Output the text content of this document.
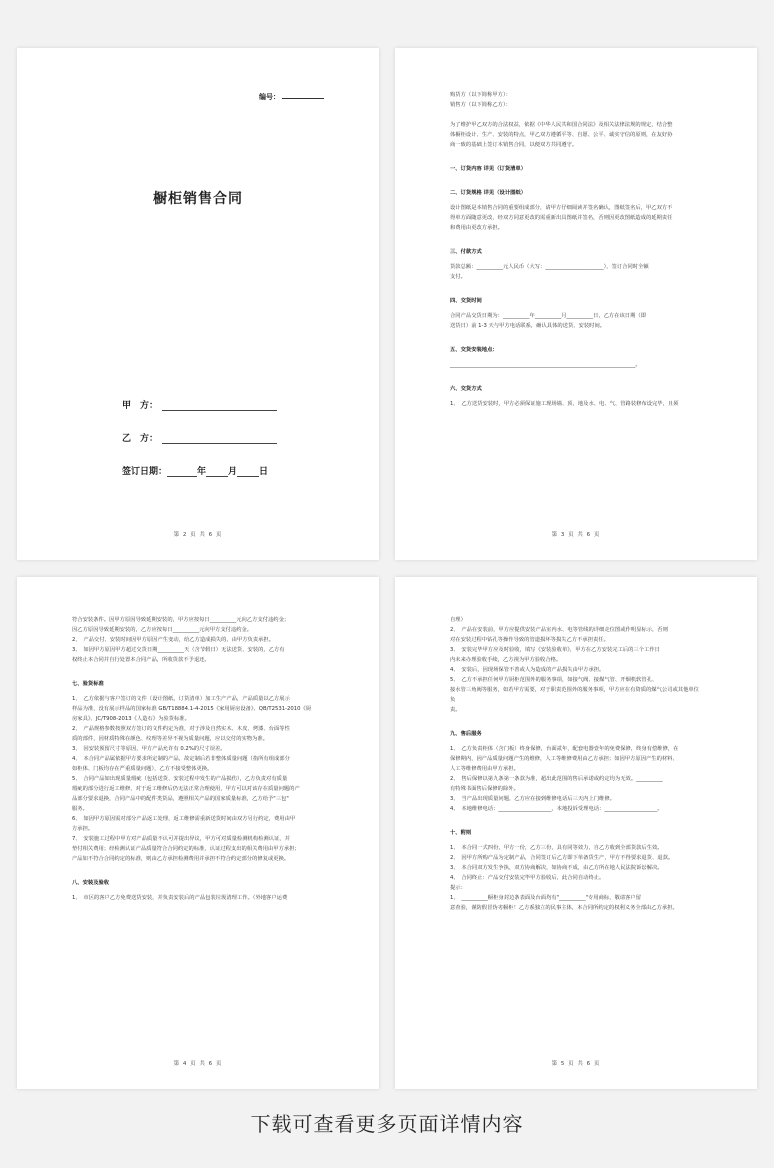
编号：
橱柜销售合同
甲　方：
乙　方：
签订日期：	年 月 日
第 2 页 共 6 页

购货方（以下简称甲方）：

销售方（以下简称乙方）：

为了维护甲乙双方的合法权益，依据《中华人民共和国合同法》及相关法律法规的规定，结合整

体橱柜设计、生产、安装的特点，甲乙双方遵循平等、自愿、公平、诚实守信的原则，在友好协

商一致的基础上签订本销售合同，以便双方共同遵守。

一、订货内容 详见（订货清单）

二、订货规格 详见（设计图纸）

设计图纸是本销售合同的重要组成部分，请甲方仔细阅读并签名确认，图纸签名后，甲乙双方不

得单方面随意更改，经双方同意更改的需重新出具图纸并签名，否则因更改图纸造成的延期责任

和费用由更改方承担。

三、付款方式

货款总额：__________元人民币（大写：______________________），签订合同时全额

支付。

四、交货时间

合同产品交货日期为：__________年__________月__________日，乙方在该日期（即

送货日）前 1-3 天与甲方电话联系，确认具体的送货、安装时间。

五、交货安装地点：

______________________________________________________________________。

六、交货方式

1、　乙方送货安装时，甲方必须保证施工现场墙、顶、地及水、电、气、管路装修布设完毕，且须

第 3 页 共 6 页

符合安装条件。因甲方原因导致延期安装的，甲方应按每日__________元向乙方支付违约金；

因乙方原因导致延期安装的，乙方应按每日__________元向甲方支付违约金。

2、　产品交付、安装时间因甲方原因产生变动，给乙方造成损失的，由甲方负责承担。

3、　如因甲方原因甲方超过交货日期__________天（含节假日）无法送货、安装的，乙方有

权终止本合同并自行处置本合同产品，所收货款不予退还。

七、验货标准

1、　乙方依据与客户签订的文件（设计图纸，订货清单）加工生产产品，产品质量以乙方展示

样品为准，没有展示样品的国家标准 GB/T18884.1-4-2015《家用厨房设备》、QB/T2531-2010《厨

房家具》、JC/T908-2013《人造石》为验货标准。

2、　产品规格参数按照双方签订的文件约定为准，对于涉及自然实木、木皮、烤漆、台面等性

质的部件，因材质特殊在颜色、纹理等差异不视为质量问题，应以交付的实物为准。

3、　因安装预留尺寸等原因，甲方产品允许有 0.2%的尺寸误差。

4、　本合同产品属依据甲方要求所定制的产品，故定制后若非整体质量问题（指所有组成部分

如柜体、门板均存在严重质量问题），乙方不接受整体更换。

5、　合同产品如出现质量瑕疵（包括送货、安装过程中发生的产品损伤），乙方负责对有质量

瑕疵的部分进行返工维修，对于返工维修后仍无法正常合理使用，甲方可以对该存在质量问题的产

品部分要求退换，合同产品中的配件类货品，遵照相关产品的国家质量标准，乙方给予"三包"

服务。

6、　如因甲方原因需对部分产品返工处理，返工维修需重新送货时间由双方另行约定，费用由甲

方承担。

7、　安装施工过程中甲方对产品质量不认可并提出异议，甲方可对质量检测机构检测认证，并

垫付相关费用；经检测认证产品质量符合合同约定的标准，认证过程支出的相关费用由甲方承担；

产品如不符合合同约定的标准，则由乙方承担检测费用并承担不符合约定部分的修复或更换。

八、安装及验收

1、　市区的客户乙方免费送货安装，并负责安装后的产品包装垃圾清理工作。（外地客户运费

第 4 页 共 6 页

自理）

2、　产品在安装前，甲方应提供安装产品室内水、电等管线的详细走位图或作明显标示，否则

对在安装过程中钻孔等操作导致的管道损坏等损失乙方不承担责任。

3、　安装完毕甲方应及时验收，填写《安装验收单》，甲方在乙方安装完工后的三个工作日

内未来办理验收手续，乙方视为甲方验收合格。

4、　安装后，因现场保管不善或人为造成的产品损失由甲方承担。

5、　乙方不承担任何甲方厨柜范围外的服务事项，如接气阀、接煤气管、开烟机软管孔、

接水管三角阀等服务，如若甲方需要，对于职责范围外的服务事项，甲方应在有资质的煤气公司或其他单位负

责。

九、售后服务

1、　乙方负责柜体（含门板）终身保修，台面贰年，配套电器壹年的免费保修，终身有偿维修，在

保修期内，因产品质量问题产生的维修，人工等维修费用由乙方承担；如因甲方原因产生的材料、

人工等维修费用由甲方承担。

2、　售后保修以第九条第一条款为准，超出此范围的售后承诺或约定均为无效。__________

有特殊书面售后保修的除外。

3、　当产品出现质量问题，乙方应在接到维修电话后三天内上门维修。

4、　本地维修电话：____________________，本地投诉受理电话：____________________。

十、附则

1、　本合同一式四份，甲方一份，乙方三份，具有同等效力，自乙方收到全部货款后生效。

2、　因甲方所购产品为定制产品，合同签订后乙方即下单备货生产，甲方不得要求退货、退款。

3、　本合同双方发生争执，双方协商解决，如协商不成，由乙方所在地人民法院诉讼解决。

4、　合同终止：产品交付安装完毕甲方验收后，此合同自动终止。

提示：

1、　__________橱柜身封边条表面及台面均有"__________"专用商标，敬请客户留

意查验，谨防假冒伪劣橱柜！乙方系独立的民事主体，本合同所约定的权利义务全部由乙方承担。

第 5 页 共 6 页
下载可查看更多页面详情内容
